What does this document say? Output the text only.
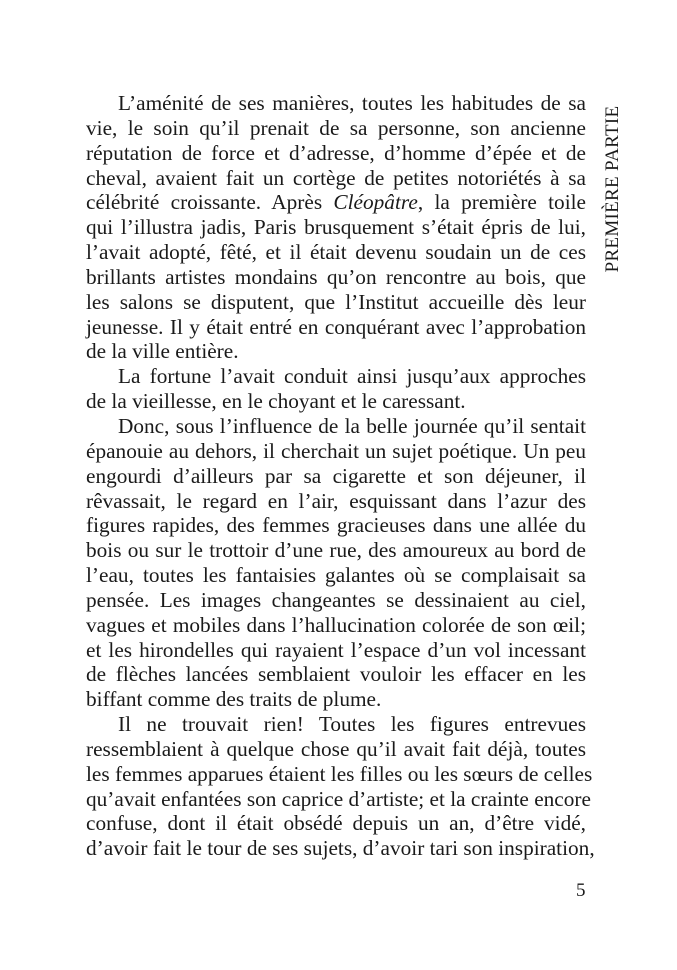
PREMIÈRE PARTIE
L’aménité de ses manières, toutes les habitudes de sa
vie, le soin qu’il prenait de sa personne, son ancienne
réputation de force et d’adresse, d’homme d’épée et de
cheval, avaient fait un cortège de petites notoriétés à sa
célébrité croissante. Après Cléopâtre, la première toile
qui l’illustra jadis, Paris brusquement s’était épris de lui,
l’avait adopté, fêté, et il était devenu soudain un de ces
brillants artistes mondains qu’on rencontre au bois, que
les salons se disputent, que l’Institut accueille dès leur
jeunesse. Il y était entré en conquérant avec l’approbation
de la ville entière.
La fortune l’avait conduit ainsi jusqu’aux approches
de la vieillesse, en le choyant et le caressant.
Donc, sous l’influence de la belle journée qu’il sentait
épanouie au dehors, il cherchait un sujet poétique. Un peu
engourdi d’ailleurs par sa cigarette et son déjeuner, il
rêvassait, le regard en l’air, esquissant dans l’azur des
figures rapides, des femmes gracieuses dans une allée du
bois ou sur le trottoir d’une rue, des amoureux au bord de
l’eau, toutes les fantaisies galantes où se complaisait sa
pensée. Les images changeantes se dessinaient au ciel,
vagues et mobiles dans l’hallucination colorée de son œil;
et les hirondelles qui rayaient l’espace d’un vol incessant
de flèches lancées semblaient vouloir les effacer en les
biffant comme des traits de plume.
Il ne trouvait rien! Toutes les figures entrevues
ressemblaient à quelque chose qu’il avait fait déjà, toutes
les femmes apparues étaient les filles ou les sœurs de celles
qu’avait enfantées son caprice d’artiste; et la crainte encore
confuse, dont il était obsédé depuis un an, d’être vidé,
d’avoir fait le tour de ses sujets, d’avoir tari son inspiration,
5
